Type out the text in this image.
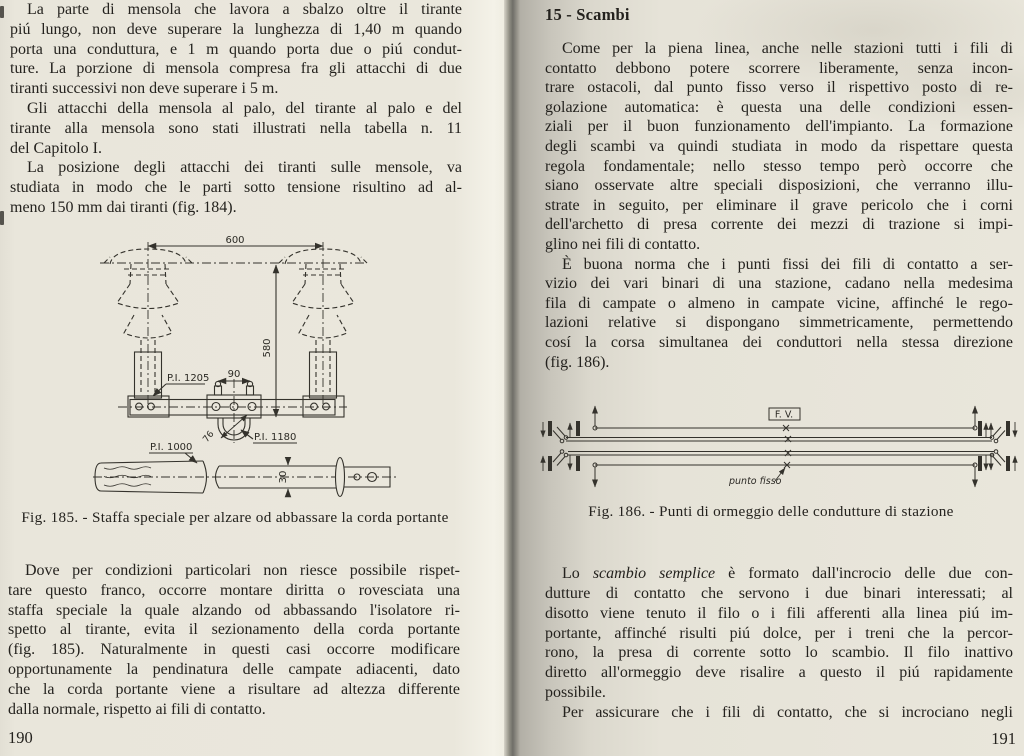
La parte di mensola che lavora a sbalzo oltre il tirante
piú lungo, non deve superare la lunghezza di 1,40 m quando
porta una conduttura, e 1 m quando porta due o piú condut-
ture. La porzione di mensola compresa fra gli attacchi di due
tiranti successivi non deve superare i 5 m.
Gli attacchi della mensola al palo, del tirante al palo e del
tirante alla mensola sono stati illustrati nella tabella n. 11
del Capitolo I.
La posizione degli attacchi dei tiranti sulle mensole, va
studiata in modo che le parti sotto tensione risultino ad al-
meno 150 mm dai tiranti (fig. 184).
600
580
90
76
P.I. 1205
P.I. 1180
P.I. 1000
30
Fig. 185. - Staffa speciale per alzare od abbassare la corda portante
Dove per condizioni particolari non riesce possibile rispet-
tare questo franco, occorre montare diritta o rovesciata una
staffa speciale la quale alzando od abbassando l'isolatore ri-
spetto al tirante, evita il sezionamento della corda portante
(fig. 185). Naturalmente in questi casi occorre modificare
opportunamente la pendinatura delle campate adiacenti, dato
che la corda portante viene a risultare ad altezza differente
dalla normale, rispetto ai fili di contatto.
190
15 - Scambi
Come per la piena linea, anche nelle stazioni tutti i fili di
contatto debbono potere scorrere liberamente, senza incon-
trare ostacoli, dal punto fisso verso il rispettivo posto di re-
golazione automatica: è questa una delle condizioni essen-
ziali per il buon funzionamento dell'impianto. La formazione
degli scambi va quindi studiata in modo da rispettare questa
regola fondamentale; nello stesso tempo però occorre che
siano osservate altre speciali disposizioni, che verranno illu-
strate in seguito, per eliminare il grave pericolo che i corni
dell'archetto di presa corrente dei mezzi di trazione si impi-
glino nei fili di contatto.
È buona norma che i punti fissi dei fili di contatto a ser-
vizio dei vari binari di una stazione, cadano nella medesima
fila di campate o almeno in campate vicine, affinché le rego-
lazioni relative si dispongano simmetricamente, permettendo
cosí la corsa simultanea dei conduttori nella stessa direzione
(fig. 186).
F. V.
punto fisso
Fig. 186. - Punti di ormeggio delle condutture di stazione
Lo scambio semplice è formato dall'incrocio delle due con-
dutture di contatto che servono i due binari interessati; al
disotto viene tenuto il filo o i fili afferenti alla linea piú im-
portante, affinché risulti piú dolce, per i treni che la percor-
rono, la presa di corrente sotto lo scambio. Il filo inattivo
diretto all'ormeggio deve risalire a questo il piú rapidamente
possibile.
Per assicurare che i fili di contatto, che si incrociano negli
191
